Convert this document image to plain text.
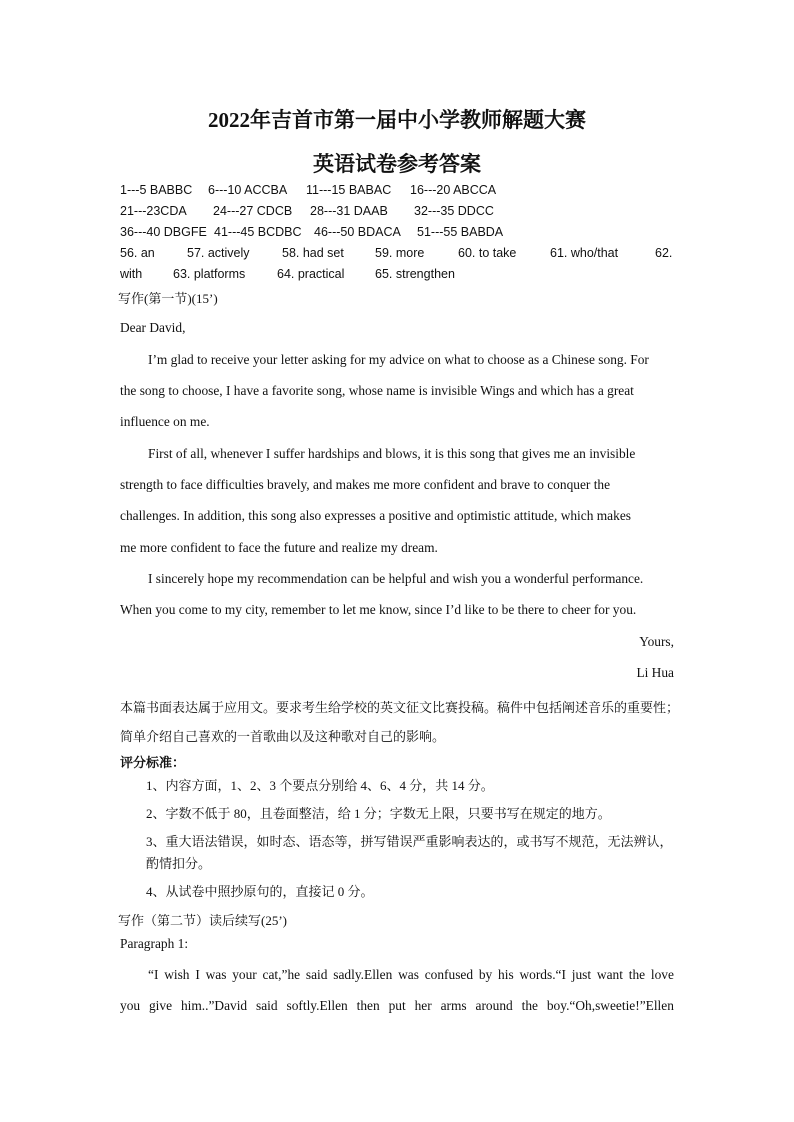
2022年吉首市第一届中小学教师解题大赛
英语试卷参考答案
1---5 BABBC 6---10 ACCBA 11---15 BABAC 16---20 ABCCA
21---23CDA 24---27 CDCB 28---31 DAAB 32---35 DDCC
36---40 DBGFE 41---45 BCDBC 46---50 BDACA 51---55 BABDA
56. an	57. actively	58. had set 59. more	60. to take	61. who/that	62.
with 63. platforms	64. practical 65. strengthen
写作(第一节)(15’)
Dear David,
I’m glad to receive your letter asking for my advice on what to choose as a Chinese song. For
the song to choose, I have a favorite song, whose name is invisible Wings and which has a great
influence on me.
First of all, whenever I suffer hardships and blows, it is this song that gives me an invisible
strength to face difficulties bravely, and makes me more confident and brave to conquer the
challenges. In addition, this song also expresses a positive and optimistic attitude, which makes
me more confident to face the future and realize my dream.
I sincerely hope my recommendation can be helpful and wish you a wonderful performance.
When you come to my city, remember to let me know, since I’d like to be there to cheer for you.
Yours,
Li Hua
本篇书面表达属于应用文。要求考生给学校的英文征文比赛投稿。稿件中包括阐述音乐的重要性；
简单介绍自己喜欢的一首歌曲以及这种歌对自己的影响。
评分标准：
1、内容方面，1、2、3 个要点分别给 4、6、4 分，共 14 分。
2、字数不低于 80，且卷面整洁，给 1 分；字数无上限，只要书写在规定的地方。
3、重大语法错误，如时态、语态等，拼写错误严重影响表达的，或书写不规范，无法辨认，
酌情扣分。
4、从试卷中照抄原句的，直接记 0 分。
写作（第二节）读后续写(25’)
Paragraph 1:
“I wish I was your cat,”he said sadly.Ellen was confused by his words.“I just want the love
you give him..”David said softly.Ellen then put her arms around the boy.“Oh,sweetie!”Ellen
